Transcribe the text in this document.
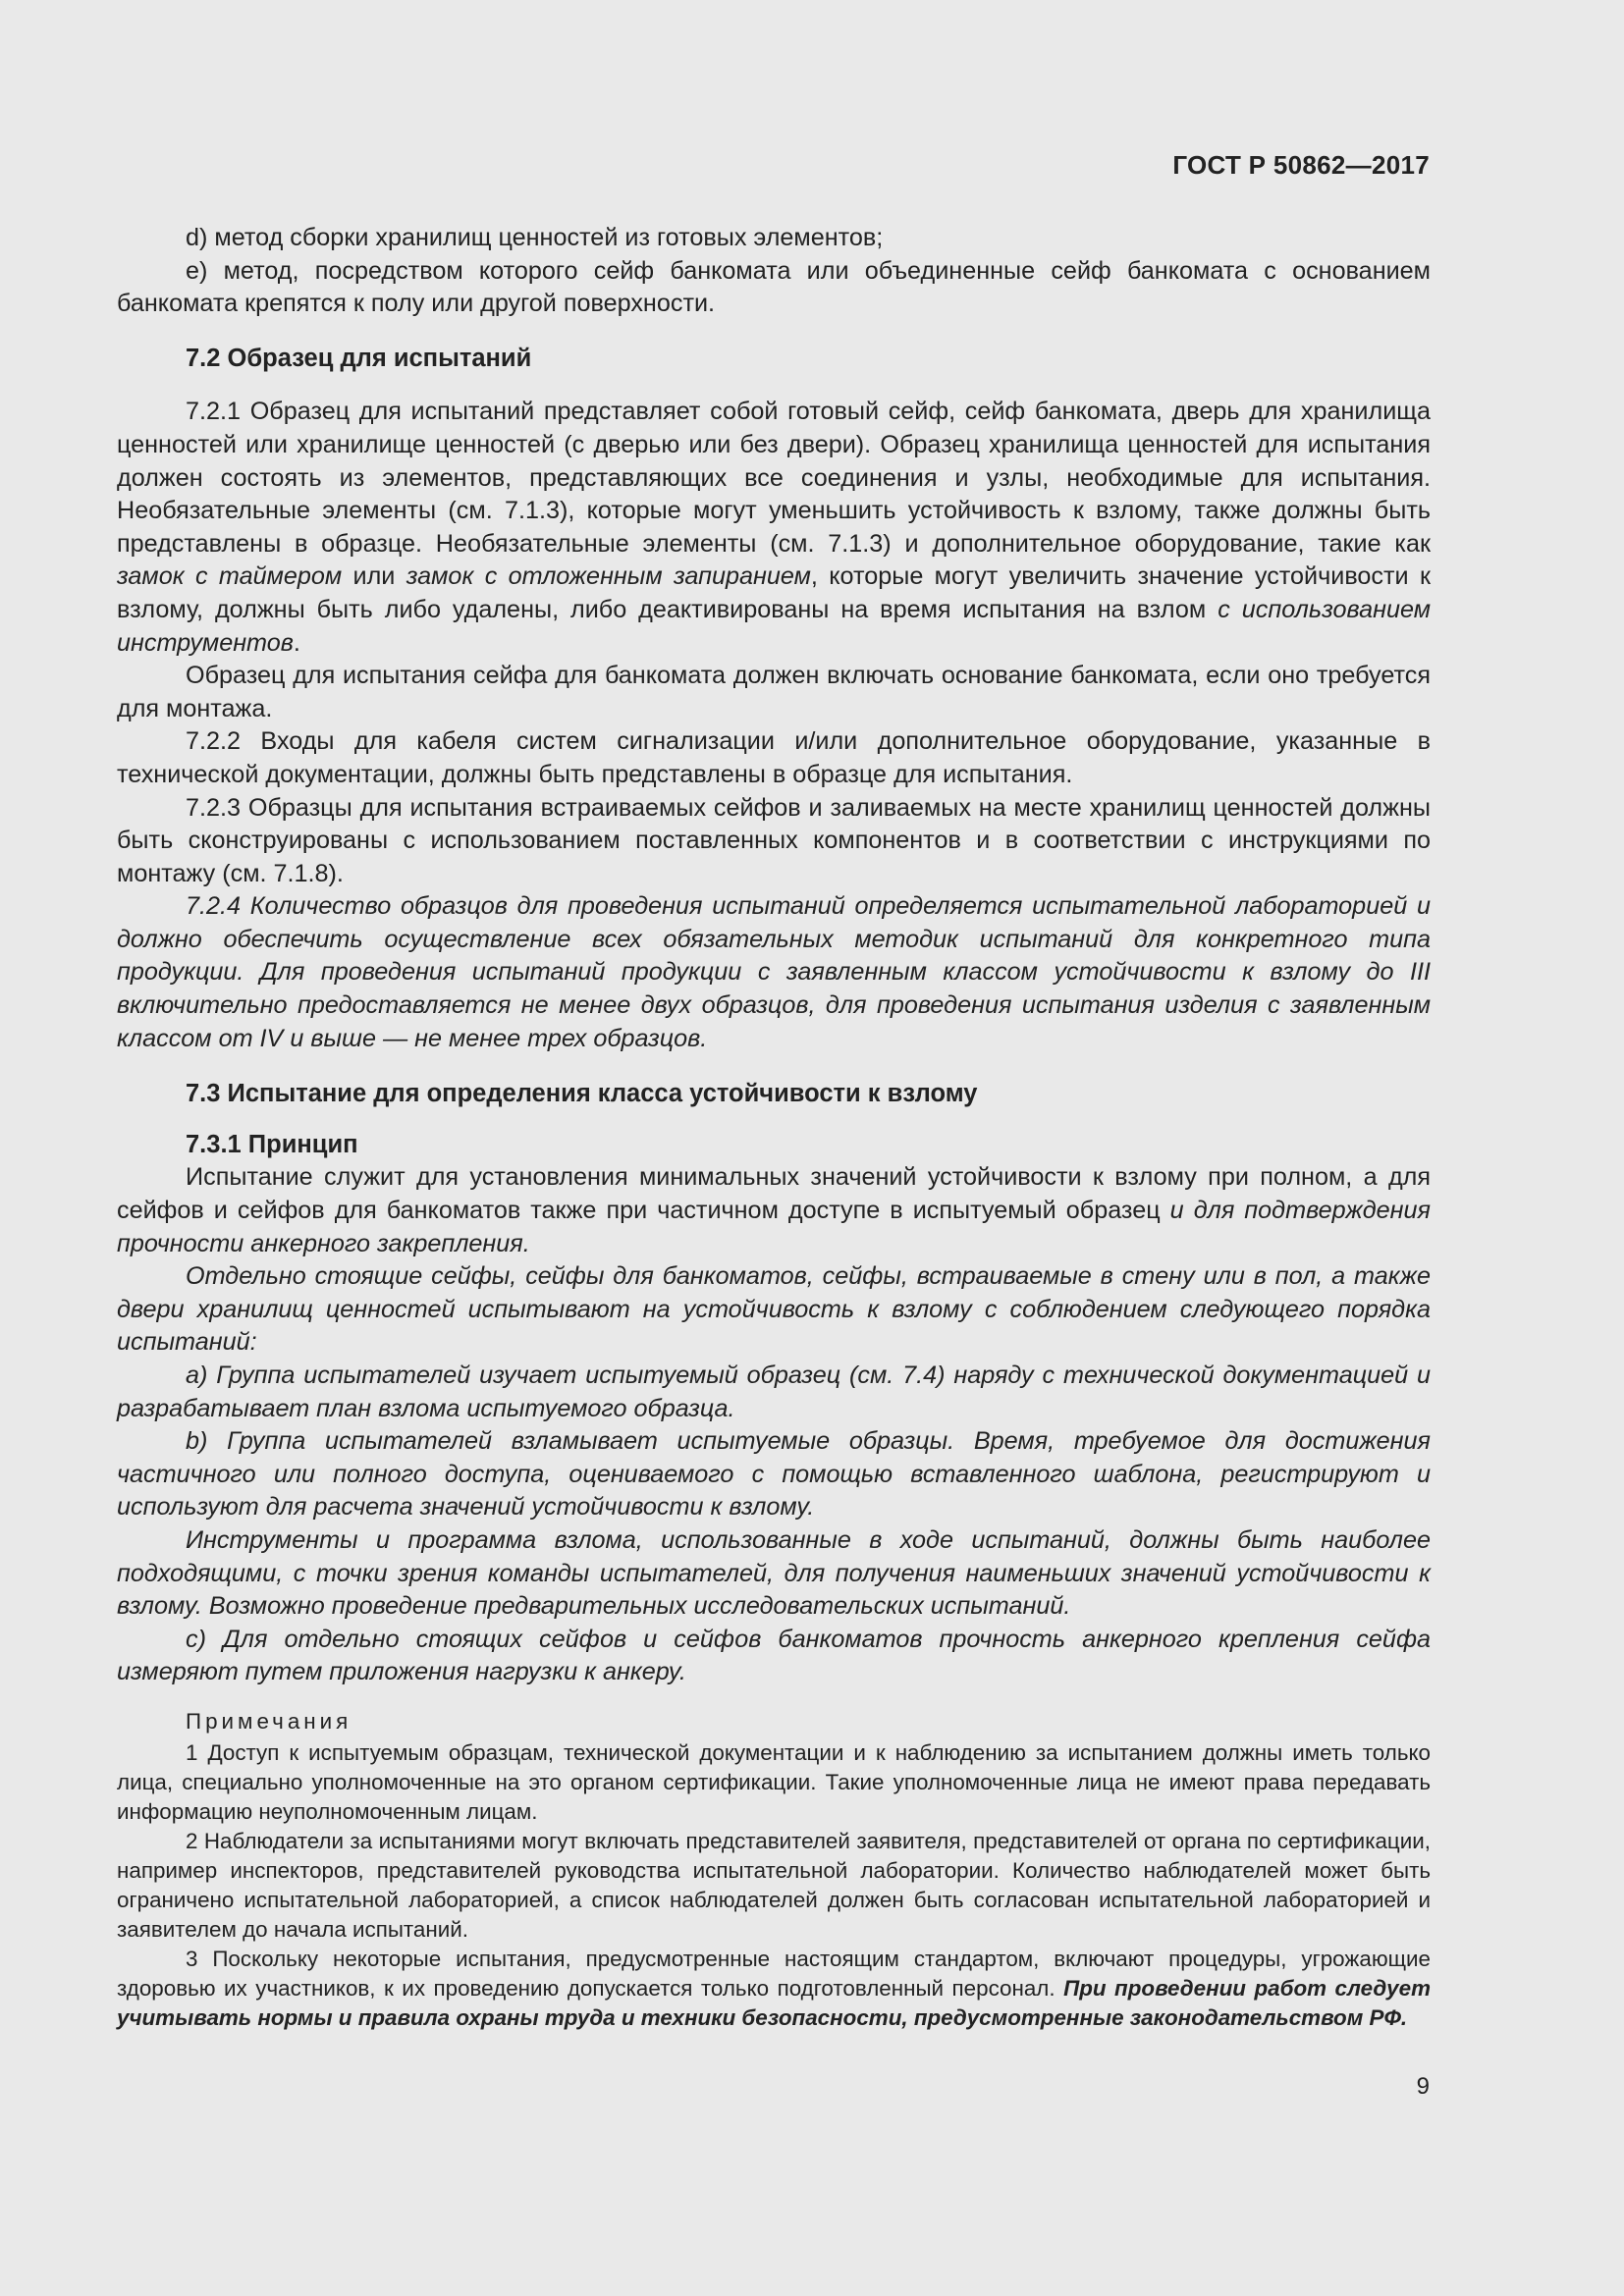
ГОСТ Р 50862—2017

d) метод сборки хранилищ ценностей из готовых элементов;

е) метод, посредством которого сейф банкомата или объединенные сейф банкомата с основанием банкомата крепятся к полу или другой поверхности.

7.2 Образец для испытаний

7.2.1 Образец для испытаний представляет собой готовый сейф, сейф банкомата, дверь для хранилища ценностей или хранилище ценностей (с дверью или без двери). Образец хранилища ценностей для испытания должен состоять из элементов, представляющих все соединения и узлы, необходимые для испытания. Необязательные элементы (см. 7.1.3), которые могут уменьшить устойчивость к взлому, также должны быть представлены в образце. Необязательные элементы (см. 7.1.3) и дополнительное оборудование, такие как замок с таймером или замок с отложенным запиранием, которые могут увеличить значение устойчивости к взлому, должны быть либо удалены, либо деактивированы на время испытания на взлом с использованием инструментов.

Образец для испытания сейфа для банкомата должен включать основание банкомата, если оно требуется для монтажа.

7.2.2 Входы для кабеля систем сигнализации и/или дополнительное оборудование, указанные в технической документации, должны быть представлены в образце для испытания.

7.2.3 Образцы для испытания встраиваемых сейфов и заливаемых на месте хранилищ ценностей должны быть сконструированы с использованием поставленных компонентов и в соответствии с инструкциями по монтажу (см. 7.1.8).

7.2.4 Количество образцов для проведения испытаний определяется испытательной лабораторией и должно обеспечить осуществление всех обязательных методик испытаний для конкретного типа продукции. Для проведения испытаний продукции с заявленным классом устойчивости к взлому до III включительно предоставляется не менее двух образцов, для проведения испытания изделия с заявленным классом от IV и выше — не менее трех образцов.

7.3 Испытание для определения класса устойчивости к взлому
7.3.1 Принцип

Испытание служит для установления минимальных значений устойчивости к взлому при полном, а для сейфов и сейфов для банкоматов также при частичном доступе в испытуемый образец и для подтверждения прочности анкерного закрепления.

Отдельно стоящие сейфы, сейфы для банкоматов, сейфы, встраиваемые в стену или в пол, а также двери хранилищ ценностей испытывают на устойчивость к взлому с соблюдением следующего порядка испытаний:

a) Группа испытателей изучает испытуемый образец (см. 7.4) наряду с технической документацией и разрабатывает план взлома испытуемого образца.

b) Группа испытателей взламывает испытуемые образцы. Время, требуемое для достижения частичного или полного доступа, оцениваемого с помощью вставленного шаблона, регистрируют и используют для расчета значений устойчивости к взлому.

Инструменты и программа взлома, использованные в ходе испытаний, должны быть наиболее подходящими, с точки зрения команды испытателей, для получения наименьших значений устойчивости к взлому. Возможно проведение предварительных исследовательских испытаний.

c) Для отдельно стоящих сейфов и сейфов банкоматов прочность анкерного крепления сейфа измеряют путем приложения нагрузки к анкеру.

Примечания

1 Доступ к испытуемым образцам, технической документации и к наблюдению за испытанием должны иметь только лица, специально уполномоченные на это органом сертификации. Такие уполномоченные лица не имеют права передавать информацию неуполномоченным лицам.

2 Наблюдатели за испытаниями могут включать представителей заявителя, представителей от органа по сертификации, например инспекторов, представителей руководства испытательной лаборатории. Количество наблюдателей может быть ограничено испытательной лабораторией, а список наблюдателей должен быть согласован испытательной лабораторией и заявителем до начала испытаний.

3 Поскольку некоторые испытания, предусмотренные настоящим стандартом, включают процедуры, угрожающие здоровью их участников, к их проведению допускается только подготовленный персонал. При проведении работ следует учитывать нормы и правила охраны труда и техники безопасности, предусмотренные законодательством РФ.

9
